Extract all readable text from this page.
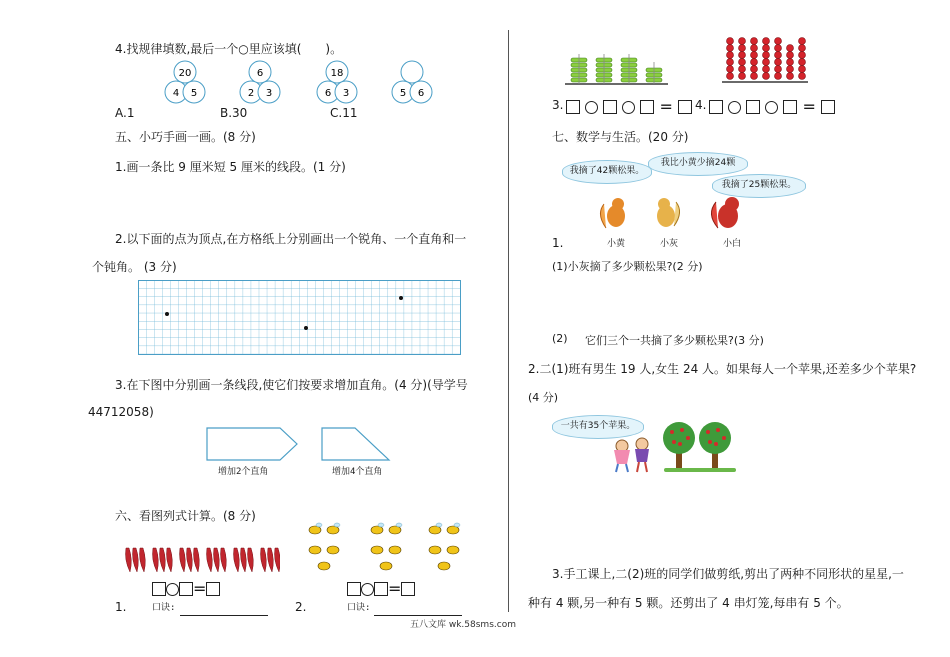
4.找规律填数,最后一个○里应该填(　　)。
20
4 5
6
2 3
18
6 3	5 6
A.1	B.30	C.11
五、小巧手画一画。(8 分)
1.画一条比 9 厘米短 5 厘米的线段。(1 分)
2.以下面的点为顶点,在方格纸上分别画出一个锐角、一个直角和一
个钝角。 (3 分)
3.在下图中分别画一条线段,使它们按要求增加直角。(4 分)(导学号
44712058)
增加2个直角	增加4个直角
六、看图列式计算。(8 分)
=
1.	口诀:
=
2.	口诀:
3.	=	4.	=
七、数学与生活。(20 分)
我摘了42颗松果。
我比小黄少摘24颗
我摘了25颗松果。
小黄	小灰	小白
1.
(1)小灰摘了多少颗松果?(2 分)
(2) 它们三个一共摘了多少颗松果?(3 分)
2.二(1)班有男生 19 人,女生 24 人。如果每人一个苹果,还差多少个苹果?
(4 分)
一共有35个苹果。
3.手工课上,二(2)班的同学们做剪纸,剪出了两种不同形状的星星,一
种有 4 颗,另一种有 5 颗。还剪出了 4 串灯笼,每串有 5 个。
五八文库 wk.58sms.com
